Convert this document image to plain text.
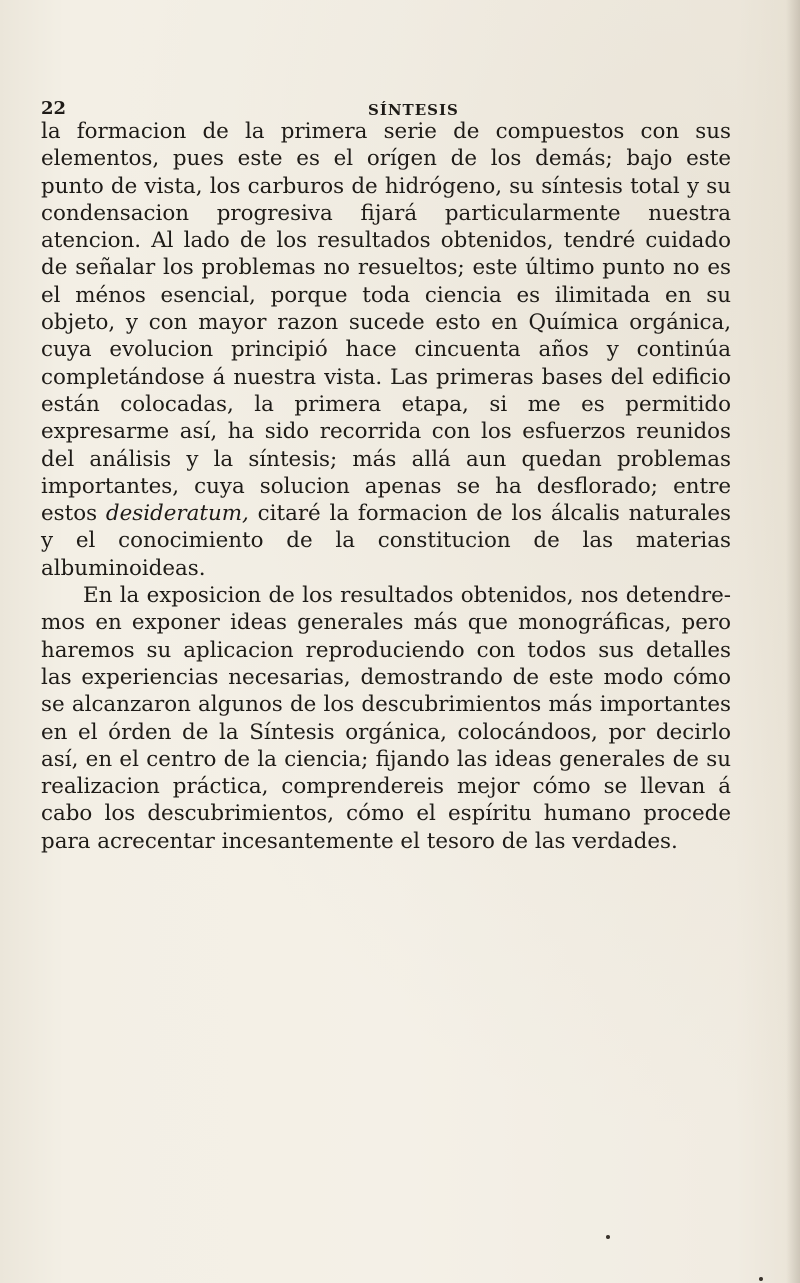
22	SÍNTESIS

la formacion de la primera serie de compuestos con sus elementos, pues este es el orígen de los demás; bajo este punto de vista, los carburos de hidrógeno, su síntesis total y su condensacion progresiva fijará particularmente nuestra atencion. Al lado de los resultados obtenidos, tendré cuidado de señalar los problemas no resueltos; este último punto no es el ménos esencial, porque toda ciencia es ilimitada en su objeto, y con mayor razon sucede esto en Química orgánica, cuya evolucion principió hace cincuenta años y continúa completándose á nuestra vista. Las primeras bases del edificio están colocadas, la primera etapa, si me es permitido expresarme así, ha sido recorrida con los esfuerzos reunidos del análisis y la síntesis; más allá aun quedan problemas importantes, cuya solucion apenas se ha desflorado; entre estos desideratum, citaré la formacion de los álcalis naturales y el conocimiento de la constitucion de las materias albuminoideas.

En la exposicion de los resultados obtenidos, nos detendremos en exponer ideas generales más que monográficas, pero haremos su aplicacion reproduciendo con todos sus detalles las experiencias necesarias, demostrando de este modo cómo se alcanzaron algunos de los descubrimientos más importantes en el órden de la Síntesis orgánica, colocándoos, por decirlo así, en el centro de la ciencia; fijando las ideas generales de su realizacion práctica, comprendereis mejor cómo se llevan á cabo los descubrimientos, cómo el espíritu humano procede para acrecentar incesantemente el tesoro de las verdades.
